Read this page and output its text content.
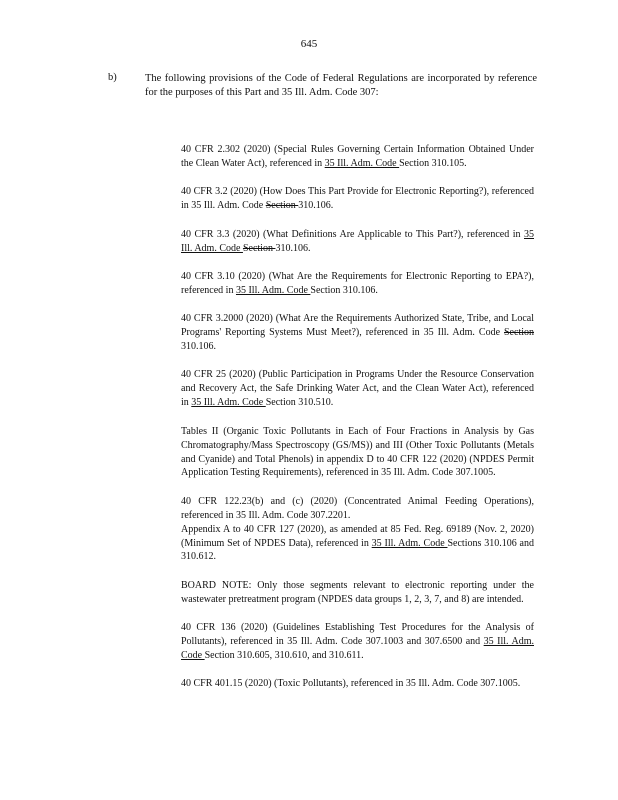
645
b)	The following provisions of the Code of Federal Regulations are incorporated by reference for the purposes of this Part and 35 Ill. Adm. Code 307:

40 CFR 2.302 (2020) (Special Rules Governing Certain Information Obtained Under the Clean Water Act), referenced in 35 Ill. Adm. Code Section 310.105.

40 CFR 3.2 (2020) (How Does This Part Provide for Electronic Reporting?), referenced in 35 Ill. Adm. Code Section 310.106.

40 CFR 3.3 (2020) (What Definitions Are Applicable to This Part?), referenced in 35 Ill. Adm. Code Section 310.106.

40 CFR 3.10 (2020) (What Are the Requirements for Electronic Reporting to EPA?), referenced in 35 Ill. Adm. Code Section 310.106.

40 CFR 3.2000 (2020) (What Are the Requirements Authorized State, Tribe, and Local Programs' Reporting Systems Must Meet?), referenced in 35 Ill. Adm. Code Section 310.106.

40 CFR 25 (2020) (Public Participation in Programs Under the Resource Conservation and Recovery Act, the Safe Drinking Water Act, and the Clean Water Act), referenced in 35 Ill. Adm. Code Section 310.510.

Tables II (Organic Toxic Pollutants in Each of Four Fractions in Analysis by Gas Chromatography/Mass Spectroscopy (GS/MS)) and III (Other Toxic Pollutants (Metals and Cyanide) and Total Phenols) in appendix D to 40 CFR 122 (2020) (NPDES Permit Application Testing Requirements), referenced in 35 Ill. Adm. Code 307.1005.

40 CFR 122.23(b) and (c) (2020) (Concentrated Animal Feeding Operations), referenced in 35 Ill. Adm. Code 307.2201.
Appendix A to 40 CFR 127 (2020), as amended at 85 Fed. Reg. 69189 (Nov. 2, 2020) (Minimum Set of NPDES Data), referenced in 35 Ill. Adm. Code Sections 310.106 and 310.612.

BOARD NOTE: Only those segments relevant to electronic reporting under the wastewater pretreatment program (NPDES data groups 1, 2, 3, 7, and 8) are intended.

40 CFR 136 (2020) (Guidelines Establishing Test Procedures for the Analysis of Pollutants), referenced in 35 Ill. Adm. Code 307.1003 and 307.6500 and 35 Ill. Adm. Code Section 310.605, 310.610, and 310.611.

40 CFR 401.15 (2020) (Toxic Pollutants), referenced in 35 Ill. Adm. Code 307.1005.
